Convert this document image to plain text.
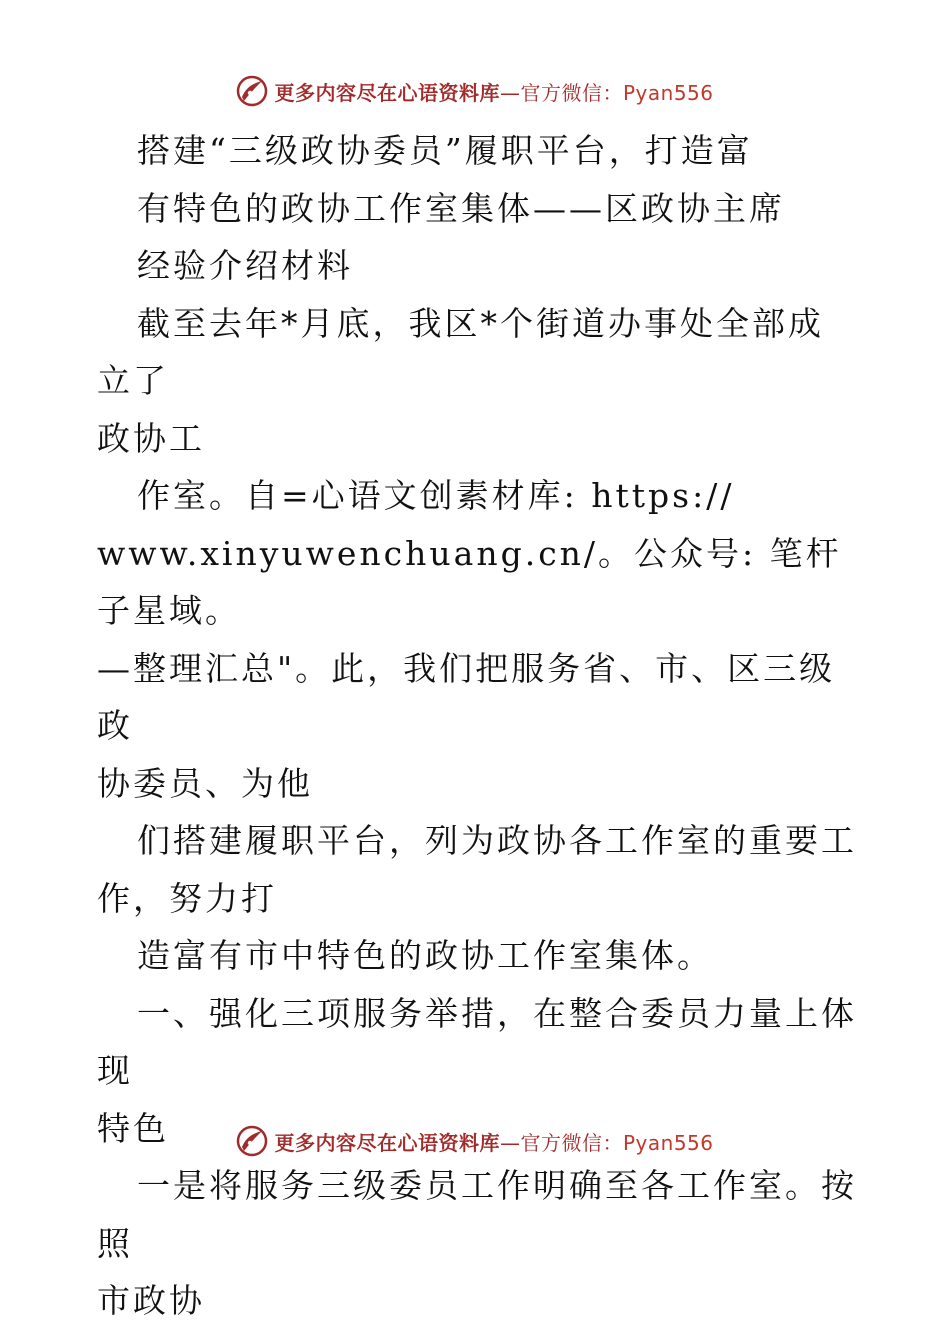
更多内容尽在心语资料库—官方微信：Pyan556

搭建“三级政协委员”履职平台，打造富

有特色的政协工作室集体——区政协主席

经验介绍材料

截至去年*月底，我区*个街道办事处全部成立了

政协工

作室。自=心语文创素材库: https://

www.xinyuwenchuang.cn/。公众号: 笔杆子星域。

—整理汇总"。此，我们把服务省、市、区三级政

协委员、为他

们搭建履职平台，列为政协各工作室的重要工

作，努力打

造富有市中特色的政协工作室集体。

一、强化三项服务举措，在整合委员力量上体现

特色

一是将服务三级委员工作明确至各工作室。按照

市政协

更多内容尽在心语资料库—官方微信：Pyan556
